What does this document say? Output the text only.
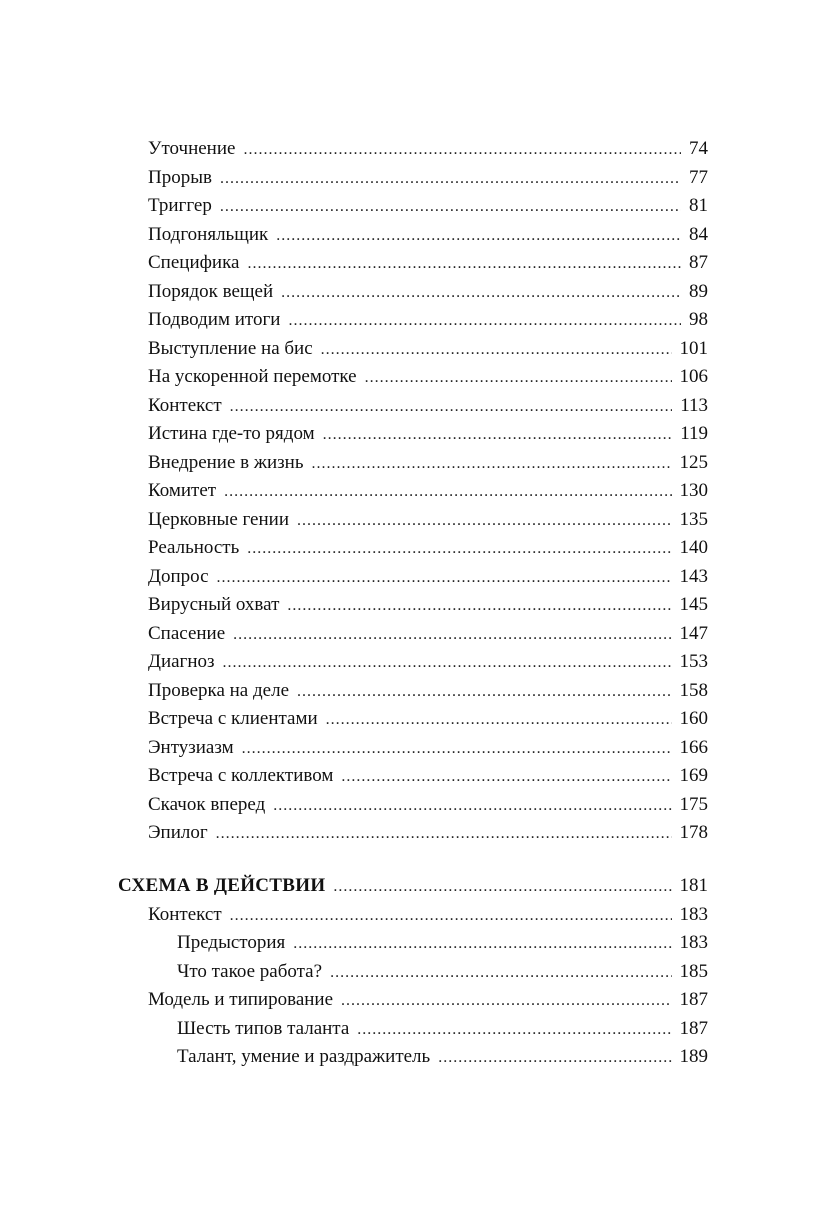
Уточнение .....	74
Прорыв .....	77
Триггер .....	81
Подгоняльщик .....	84
Специфика .....	87
Порядок вещей .....	89
Подводим итоги .....	98
Выступление на бис .....	101
На ускоренной перемотке .....	106
Контекст .....	113
Истина где-то рядом .....	119
Внедрение в жизнь .....	125
Комитет .....	130
Церковные гении .....	135
Реальность .....	140
Допрос .....	143
Вирусный охват .....	145
Спасение .....	147
Диагноз .....	153
Проверка на деле .....	158
Встреча с клиентами .....	160
Энтузиазм .....	166
Встреча с коллективом .....	169
Скачок вперед .....	175
Эпилог .....	178
СХЕМА В ДЕЙСТВИИ .....	181
Контекст .....	183
Предыстория .....	183
Что такое работа? .....	185
Модель и типирование .....	187
Шесть типов таланта .....	187
Талант, умение и раздражитель .....	189
